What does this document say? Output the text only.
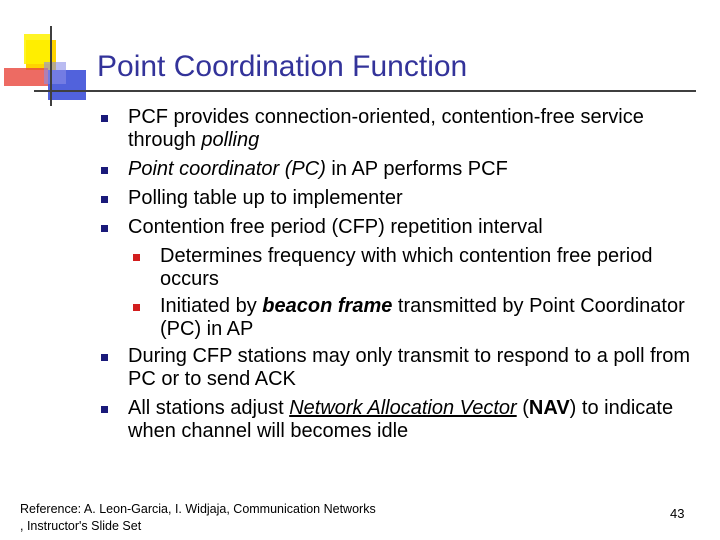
Point Coordination Function
PCF provides connection-oriented, contention-free service through polling
Point coordinator (PC) in AP performs PCF
Polling table up to implementer
Contention free period (CFP) repetition interval
Determines frequency with which contention free period occurs
Initiated by beacon frame transmitted by Point Coordinator (PC) in AP
During CFP stations may only transmit to respond to a poll from PC or to send ACK
All stations adjust Network Allocation Vector (NAV) to indicate when channel will becomes idle
Reference: A. Leon-Garcia, I. Widjaja, Communication Networks , Instructor's Slide Set
43
